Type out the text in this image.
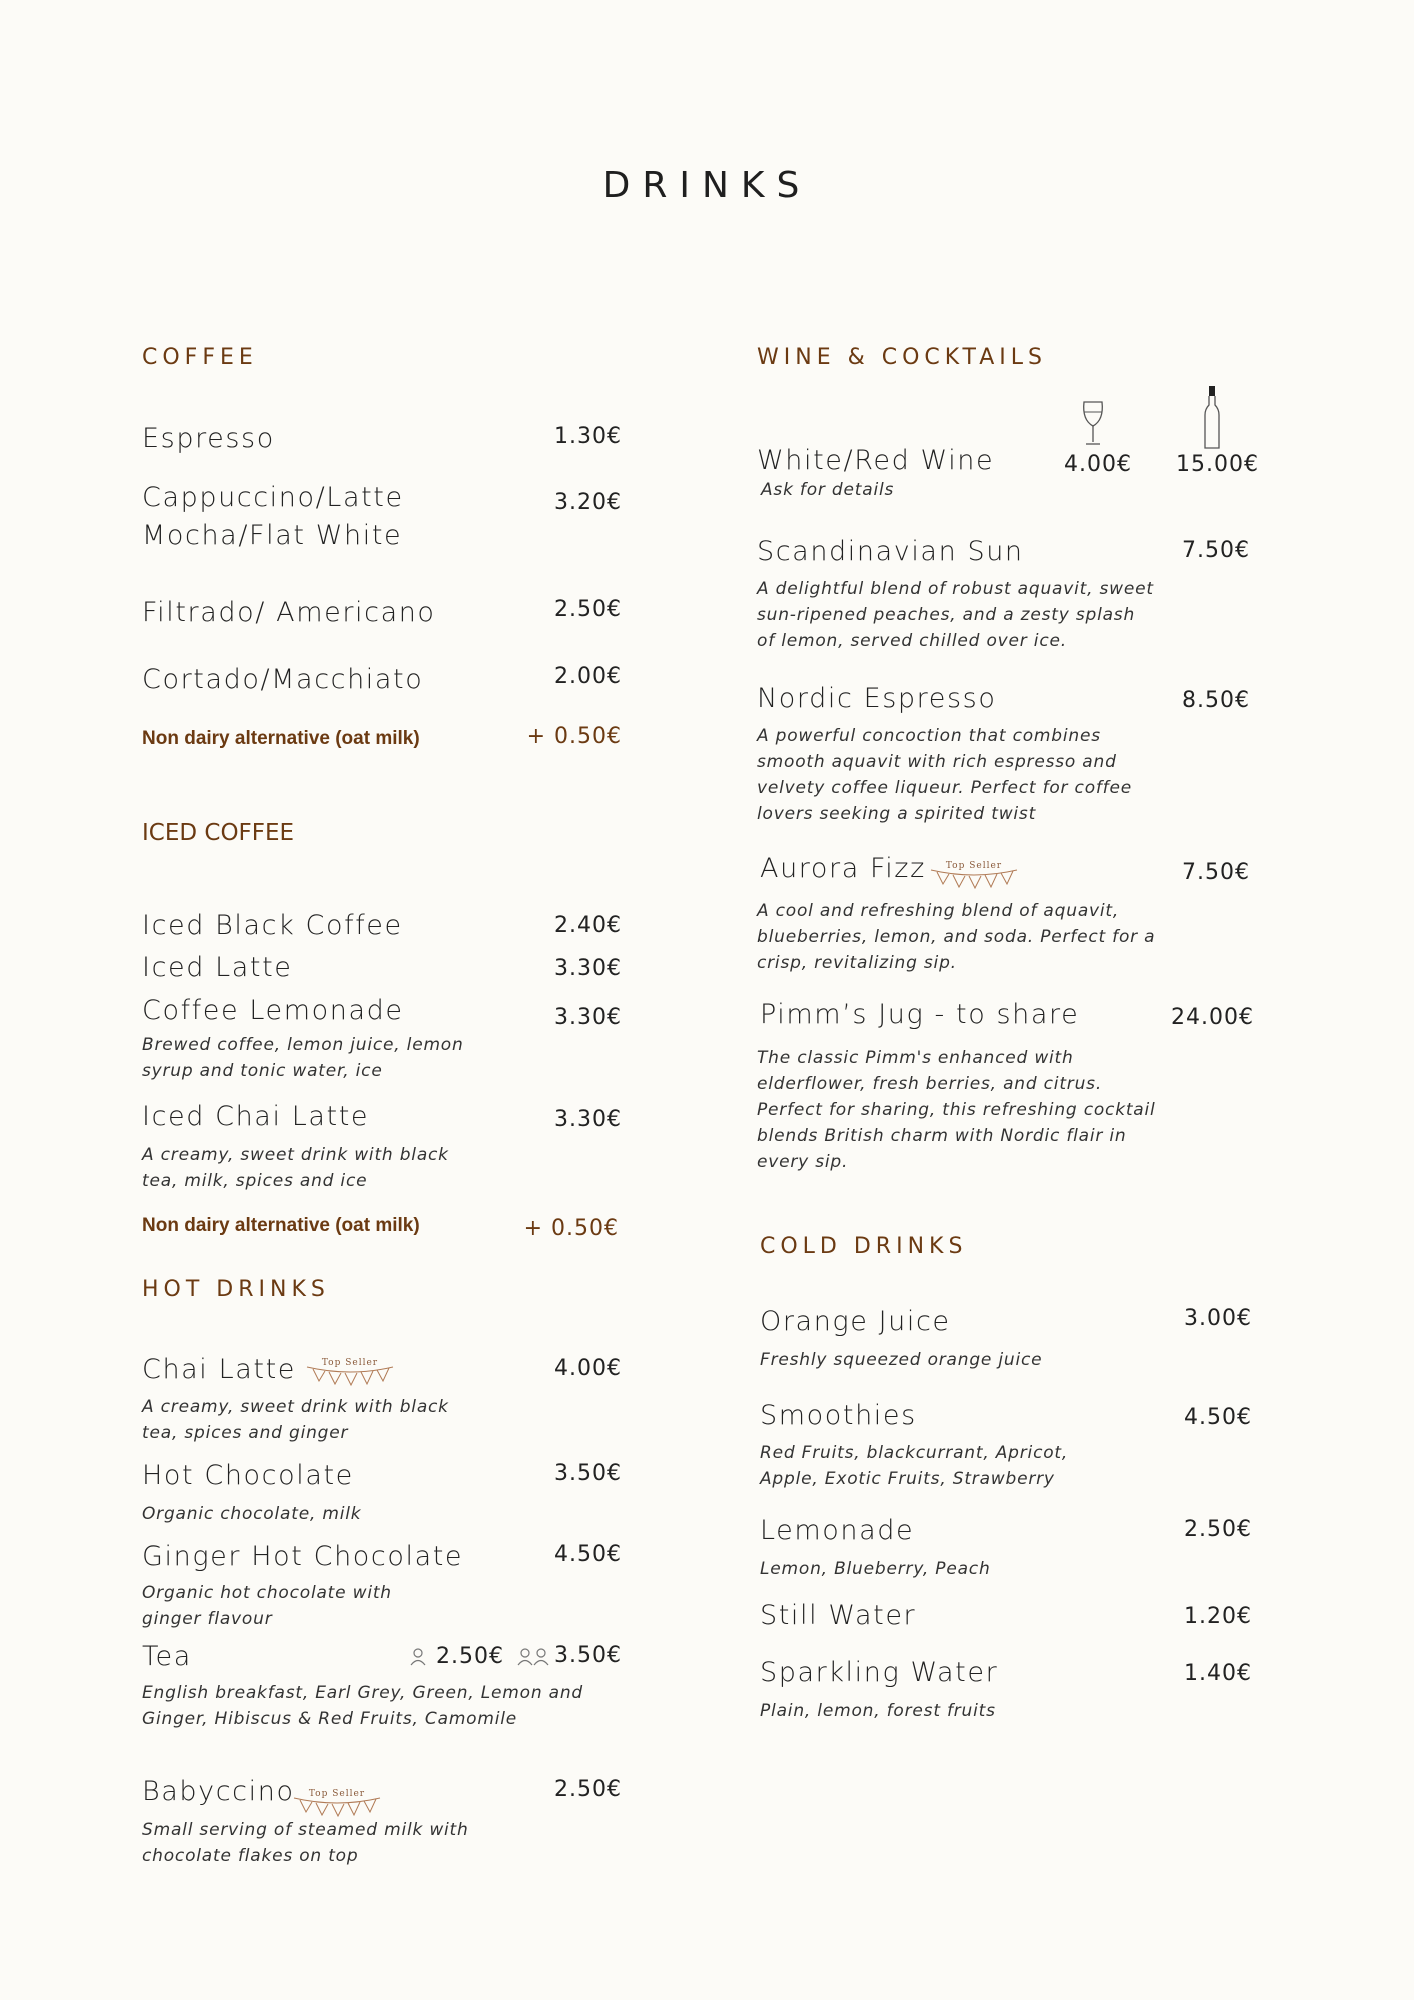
DRINKS
COFFEE
Espresso	1.30€
Cappuccino/Latte
Mocha/Flat White
3.20€
Filtrado/ Americano	2.50€
Cortado/Macchiato	2.00€
Non dairy alternative (oat milk)	+ 0.50€
ICED COFFEE
Iced Black Coffee	2.40€
Iced Latte	3.30€
Coffee Lemonade	3.30€
Brewed coffee, lemon juice, lemon syrup and tonic water, ice
Iced Chai Latte	3.30€
A creamy, sweet drink with black tea, milk, spices and ice
Non dairy alternative (oat milk)	+ 0.50€
HOT DRINKS
Chai Latte	Top Seller	4.00€
A creamy, sweet drink with black tea, spices and ginger
Hot Chocolate	3.50€
Organic chocolate, milk
Ginger Hot Chocolate	4.50€
Organic hot chocolate with ginger flavour
Tea	2.50€ 3.50€
English breakfast, Earl Grey, Green, Lemon and Ginger, Hibiscus & Red Fruits, Camomile
Babyccino Top Seller	2.50€
Small serving of steamed milk with chocolate flakes on top
WINE & COCKTAILS
White/Red Wine	4.00€ 15.00€
Ask for details
Scandinavian Sun	7.50€
A delightful blend of robust aquavit, sweet sun-ripened peaches, and a zesty splash of lemon, served chilled over ice.
Nordic Espresso	8.50€
A powerful concoction that combines smooth aquavit with rich espresso and velvety coffee liqueur. Perfect for coffee lovers seeking a spirited twist
Aurora Fizz Top Seller	7.50€
A cool and refreshing blend of aquavit, blueberries, lemon, and soda. Perfect for a crisp, revitalizing sip.
Pimm’s Jug - to share	24.00€
The classic Pimm's enhanced with elderflower, fresh berries, and citrus. Perfect for sharing, this refreshing cocktail blends British charm with Nordic flair in every sip.
COLD DRINKS
Orange Juice	3.00€
Freshly squeezed orange juice
Smoothies	4.50€
Red Fruits, blackcurrant, Apricot, Apple, Exotic Fruits, Strawberry
Lemonade	2.50€
Lemon, Blueberry, Peach
Still Water	1.20€
Sparkling Water	1.40€
Plain, lemon, forest fruits
